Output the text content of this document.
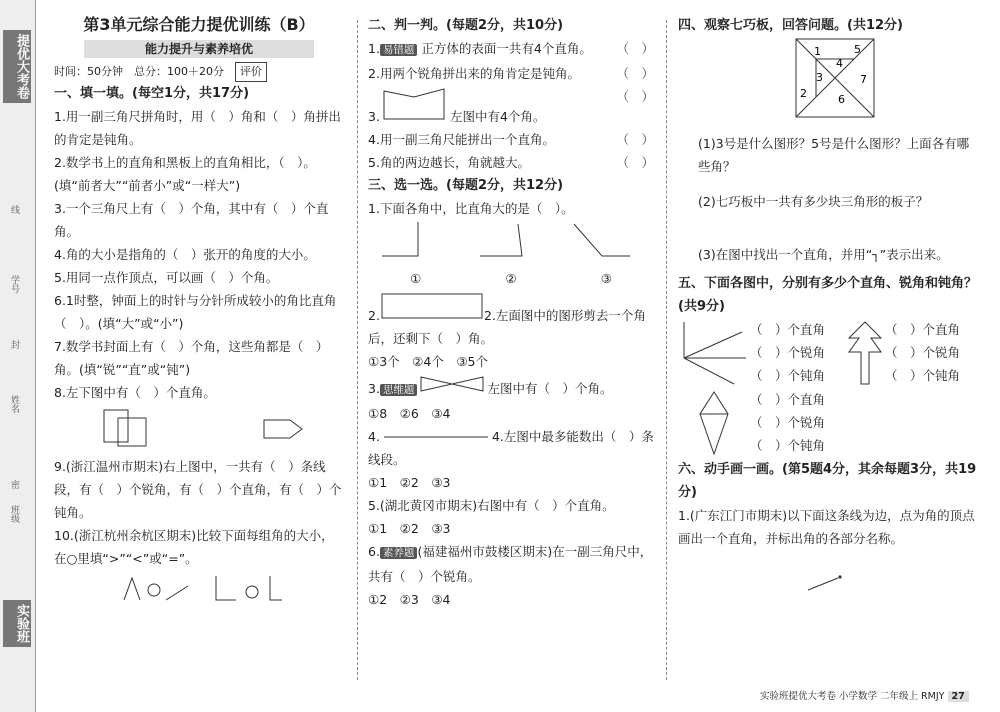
提优大考卷
线
学号
封
姓名
密
班级
实验班
第3单元综合能力提优训练（B）
能力提升与素养培优
时间：50分钟　总分：100＋20分　 评价
一、填一填。(每空1分，共17分)
1.用一副三角尺拼角时，用（　）角和（　）角拼出的肯定是钝角。
2.数学书上的直角和黑板上的直角相比，（　）。(填“前者大”“前者小”或“一样大”)
3.一个三角尺上有（　）个角，其中有（　）个直角。
4.角的大小是指角的（　）张开的角度的大小。
5.用同一点作顶点，可以画（　）个角。
6.1时整，钟面上的时针与分针所成较小的角比直角（　）。(填“大”或“小”)
7.数学书封面上有（　）个角，这些角都是（　）角。(填“锐”“直”或“钝”)
8.左下图中有（　）个直角。
9.(浙江温州市期末)右上图中，一共有（　）条线段，有（　）个锐角，有（　）个直角，有（　）个钝角。
10.(浙江杭州余杭区期末)比较下面每组角的大小，在○里填“>”“<”或“=”。
二、判一判。(每题2分，共10分)
1. 易错题 正方体的表面一共有4个直角。 （　）
2.用两个锐角拼出来的角肯定是钝角。	（　）
3.	左图中有4个角。
（　）
4.用一副三角尺能拼出一个直角。	（　）
5.角的两边越长，角就越大。	（　）
三、选一选。(每题2分，共12分)
1.下面各角中，比直角大的是（　）。
①	②	③
2.	2.左面图中的图形剪去一个角后，还剩下（　）角。
①3个　②4个　③5个
3. 思维题	左图中有（　）个角。
①8　②6　③4
4.	4.左图中最多能数出（　）条线段。
①1　②2　③3
5.(湖北黄冈市期末)右图中有（　）个直角。
①1　②2　③3
6. 素养题 (福建福州市鼓楼区期末)在一副三角尺中，共有（　）个锐角。
①2　②3　③4
四、观察七巧板，回答问题。(共12分)
1
2
3
4
5
6
7
(1)3号是什么图形？5号是什么图形？上面各有哪些角？
(2)七巧板中一共有多少块三角形的板子？
(3)在图中找出一个直角，并用“┐”表示出来。
五、下面各图中，分别有多少个直角、锐角和钝角？(共9分)
（　）个直角
（　）个锐角
（　）个钝角
（　）个直角
（　）个锐角
（　）个钝角
（　）个直角
（　）个锐角
（　）个钝角
六、动手画一画。(第5题4分，其余每题3分，共19分)
1.(广东江门市期末)以下面这条线为边，点为角的顶点画出一个直角，并标出角的各部分名称。
实验班提优大考卷 小学数学 二年级上 RMJY 27
